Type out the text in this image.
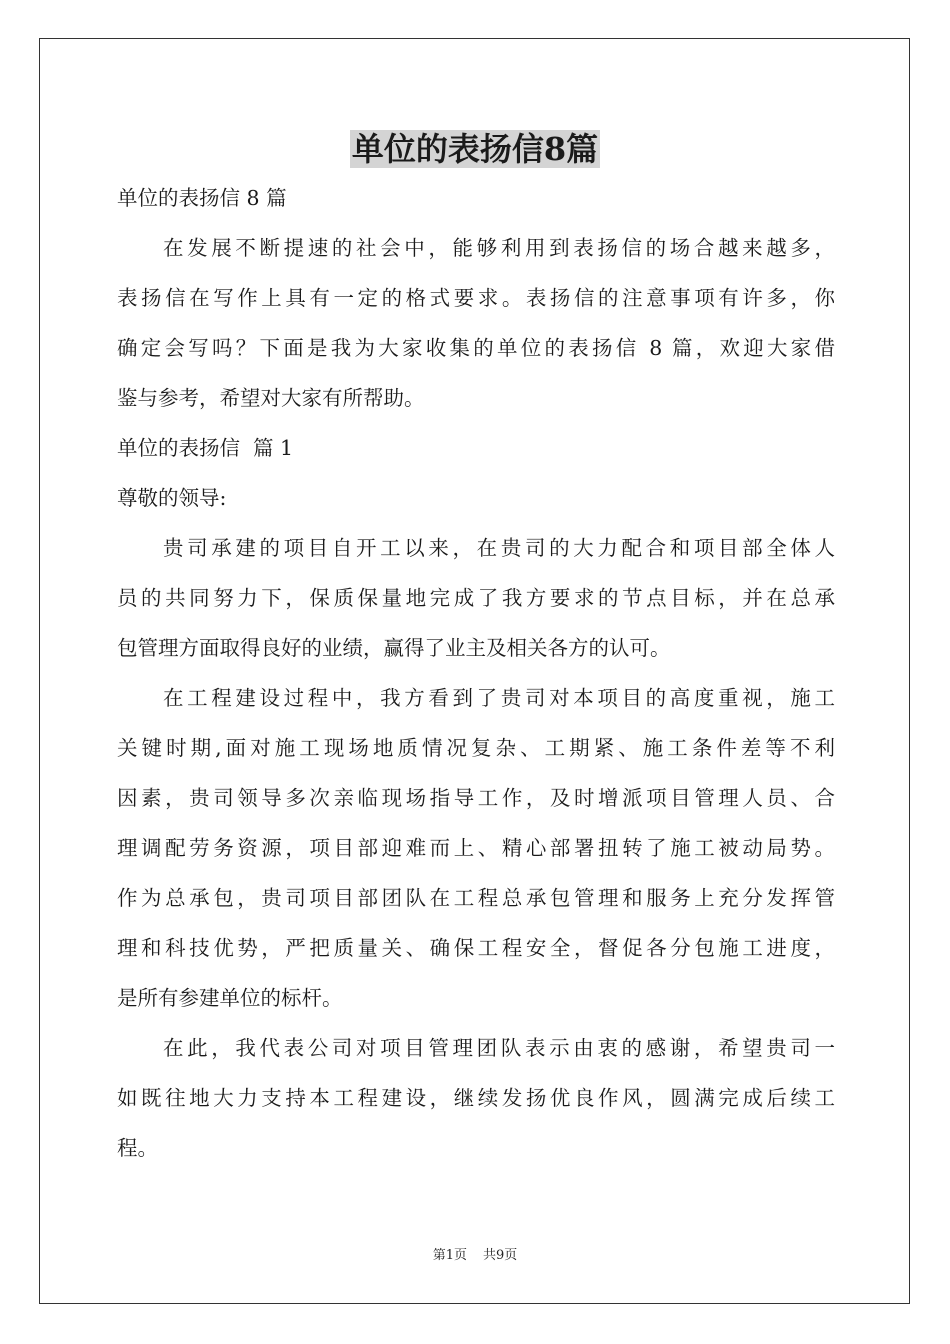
单位的表扬信8篇
单位的表扬信 8 篇
在发展不断提速的社会中，能够利用到表扬信的场合越来越多，
表扬信在写作上具有一定的格式要求。表扬信的注意事项有许多，你
确定会写吗？下面是我为大家收集的单位的表扬信 8 篇，欢迎大家借
鉴与参考，希望对大家有所帮助。
单位的表扬信  篇 1
尊敬的领导:
贵司承建的项目自开工以来，在贵司的大力配合和项目部全体人
员的共同努力下，保质保量地完成了我方要求的节点目标，并在总承
包管理方面取得良好的业绩，赢得了业主及相关各方的认可。
在工程建设过程中，我方看到了贵司对本项目的高度重视，施工
关键时期,面对施工现场地质情况复杂、工期紧、施工条件差等不利
因素，贵司领导多次亲临现场指导工作，及时增派项目管理人员、合
理调配劳务资源，项目部迎难而上、精心部署扭转了施工被动局势。
作为总承包，贵司项目部团队在工程总承包管理和服务上充分发挥管
理和科技优势，严把质量关、确保工程安全，督促各分包施工进度，
是所有参建单位的标杆。
在此，我代表公司对项目管理团队表示由衷的感谢，希望贵司一
如既往地大力支持本工程建设，继续发扬优良作风，圆满完成后续工
程。
第1页 共9页
